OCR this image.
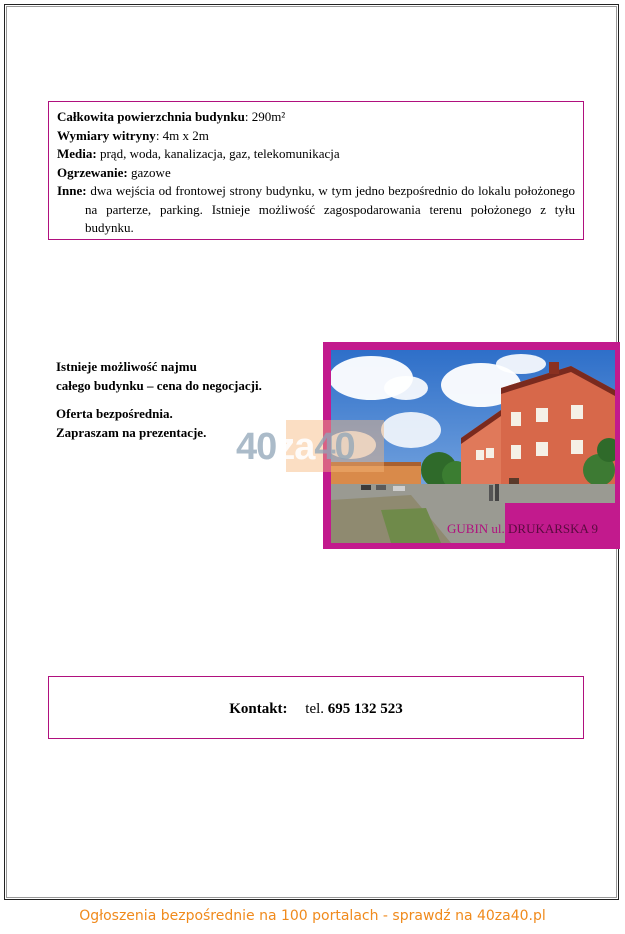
Całkowita powierzchnia budynku: 290m²
Wymiary witryny: 4m x 2m
Media: prąd, woda, kanalizacja, gaz, telekomunikacja
Ogrzewanie: gazowe
Inne: dwa wejścia od frontowej strony budynku, w tym jedno bezpośrednio do lokalu położonego na parterze, parking. Istnieje możliwość zagospodarowania terenu położonego z tyłu budynku.
Istnieje możliwość najmu
całego budynku – cena do negocjacji.
Oferta bezpośrednia.
Zapraszam na prezentacje.
GUBIN ul. DRUKARSKA 9
40za40
Kontakt: tel. 695 132 523
Ogłoszenia bezpośrednie na 100 portalach - sprawdź na 40za40.pl
